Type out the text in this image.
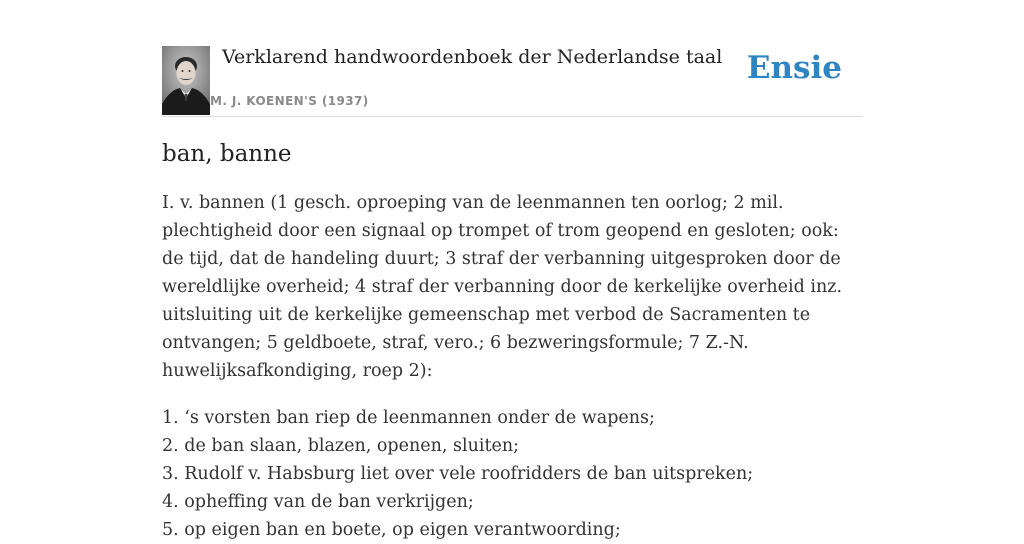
Verklarend handwoordenboek der Nederlandse taal
M. J. KOENEN'S (1937)
Ensie
ban, banne

I. v. bannen (1 gesch. oproeping van de leenmannen ten oorlog; 2 mil. plechtigheid door een signaal op trompet of trom geopend en gesloten; ook: de tijd, dat de handeling duurt; 3 straf der verbanning uitgesproken door de wereldlijke overheid; 4 straf der verbanning door de kerkelijke overheid inz. uitsluiting uit de kerkelijke gemeenschap met verbod de Sacramenten te ontvangen; 5 geldboete, straf, vero.; 6 bezweringsformule; 7 Z.-N. huwelijksafkondiging, roep 2):

1. ‘s vorsten ban riep de leenmannen onder de wapens;
2. de ban slaan, blazen, openen, sluiten;
3. Rudolf v. Habsburg liet over vele roofridders de ban uitspreken;
4. opheffing van de ban verkrijgen;
5. op eigen ban en boete, op eigen verantwoording;
